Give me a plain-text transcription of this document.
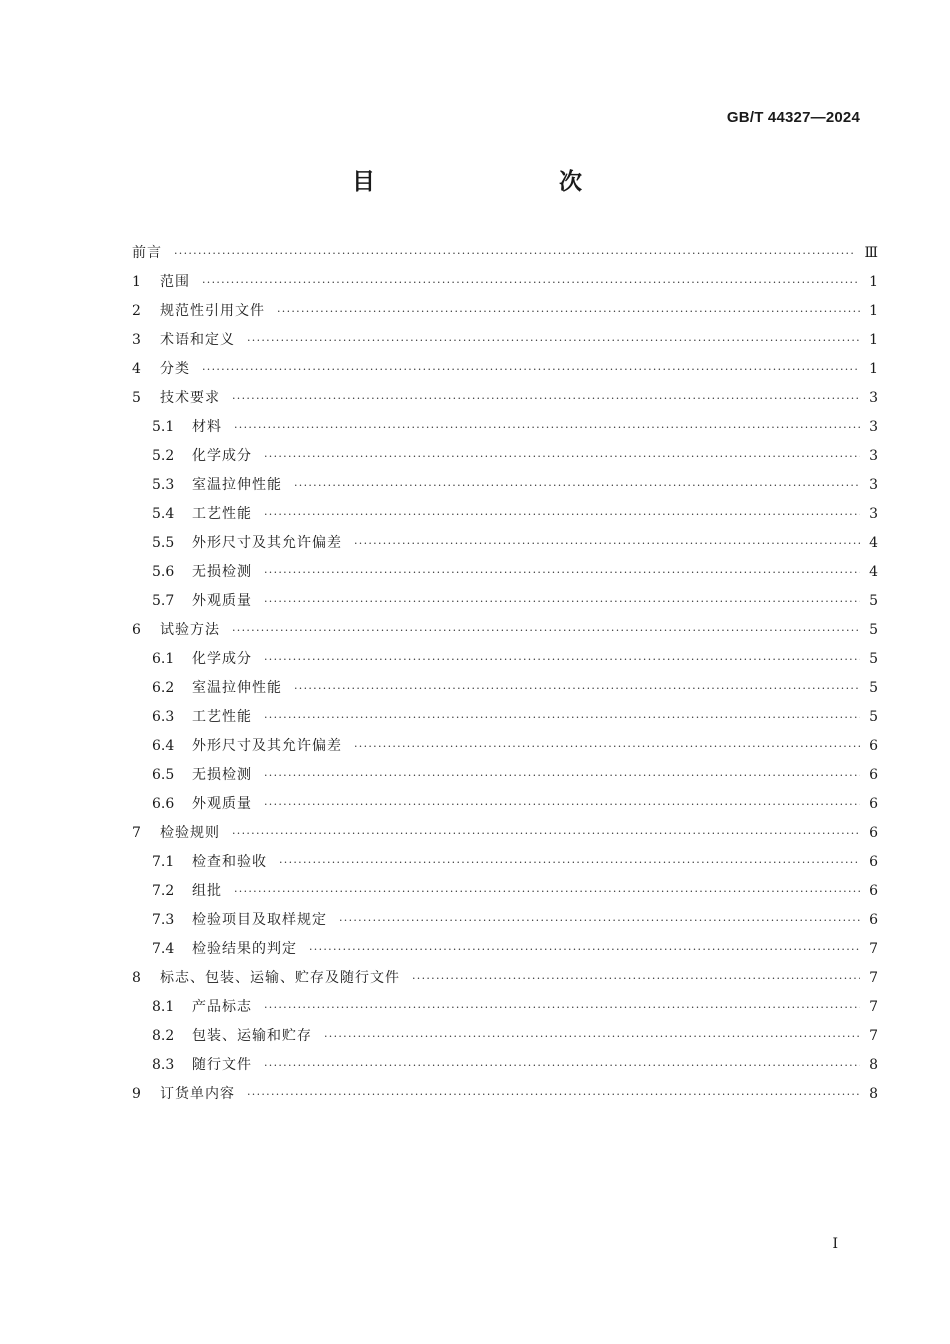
GB/T 44327—2024
目　　次
前言 ·····	Ⅲ
1	范围 ·····	1
2	规范性引用文件 ·····	1
3	术语和定义 ·····	1
4	分类 ·····	1
5	技术要求 ·····	3
5.1	材料 ·····	3
5.2	化学成分 ·····	3
5.3	室温拉伸性能 ·····	3
5.4	工艺性能 ·····	3
5.5	外形尺寸及其允许偏差 ·····	4
5.6	无损检测 ·····	4
5.7	外观质量 ·····	5
6	试验方法 ·····	5
6.1	化学成分 ·····	5
6.2	室温拉伸性能 ·····	5
6.3	工艺性能 ·····	5
6.4	外形尺寸及其允许偏差 ·····	6
6.5	无损检测 ·····	6
6.6	外观质量 ·····	6
7	检验规则 ·····	6
7.1	检查和验收 ·····	6
7.2	组批 ·····	6
7.3	检验项目及取样规定 ·····	6
7.4	检验结果的判定 ·····	7
8	标志、包装、运输、贮存及随行文件 ·····	7
8.1	产品标志 ·····	7
8.2	包装、运输和贮存 ·····	7
8.3	随行文件 ·····	8
9	订货单内容 ·····	8
Ⅰ
